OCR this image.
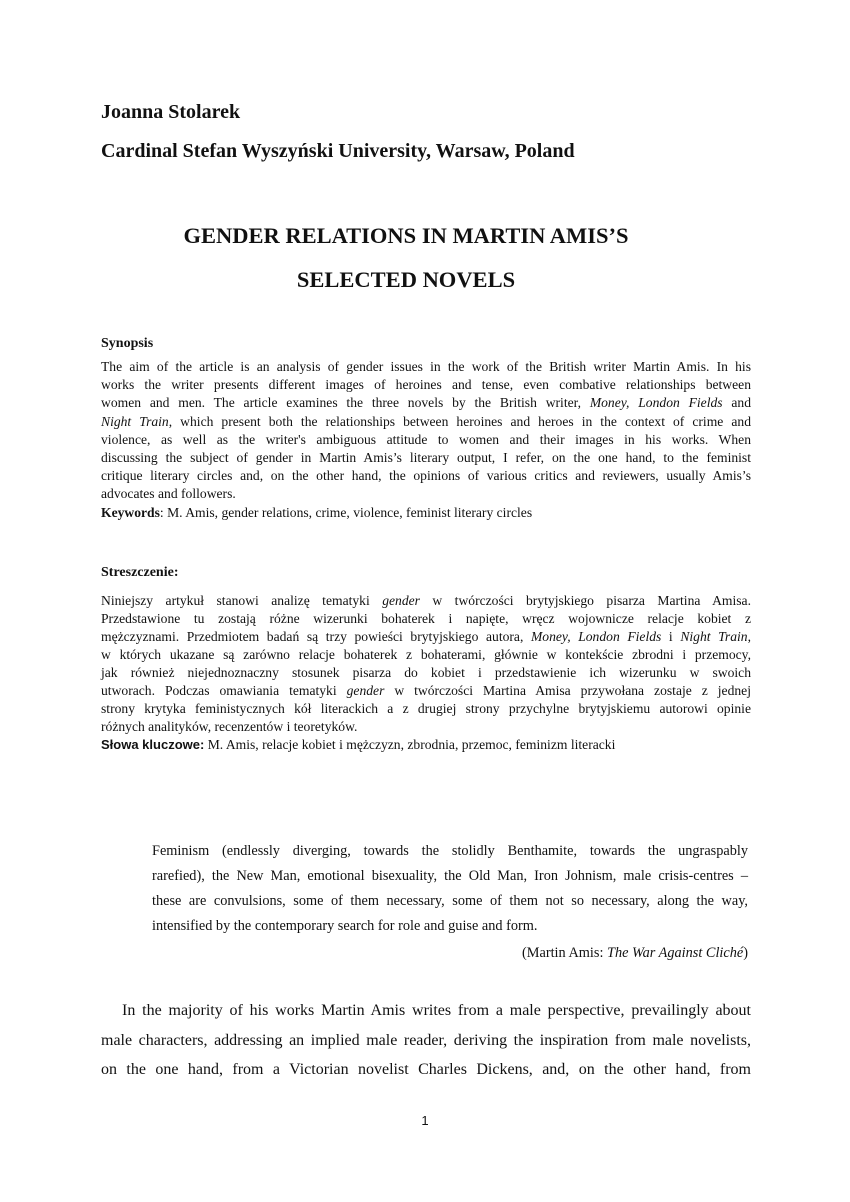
Joanna Stolarek
Cardinal Stefan Wyszyński University, Warsaw, Poland
GENDER RELATIONS IN MARTIN AMIS’S
SELECTED NOVELS
Synopsis
The aim of the article is an analysis of gender issues in the work of the British writer Martin Amis. In his
works the writer presents different images of heroines and tense, even combative relationships between
women and men. The article examines the three novels by the British writer, Money, London Fields and
Night Train, which present both the relationships between heroines and heroes in the context of crime and
violence, as well as the writer's ambiguous attitude to women and their images in his works. When
discussing the subject of gender in Martin Amis’s literary output, I refer, on the one hand, to the feminist
critique literary circles and, on the other hand, the opinions of various critics and reviewers, usually Amis’s
advocates and followers.
Keywords: M. Amis, gender relations, crime, violence, feminist literary circles
Streszczenie:
Niniejszy artykuł stanowi analizę tematyki gender w twórczości brytyjskiego pisarza Martina Amisa.
Przedstawione tu zostają różne wizerunki bohaterek i napięte, wręcz wojownicze relacje kobiet z
mężczyznami. Przedmiotem badań są trzy powieści brytyjskiego autora, Money, London Fields i Night Train,
w których ukazane są zarówno relacje bohaterek z bohaterami, głównie w kontekście zbrodni i przemocy,
jak również niejednoznaczny stosunek pisarza do kobiet i przedstawienie ich wizerunku w swoich
utworach. Podczas omawiania tematyki gender w twórczości Martina Amisa przywołana zostaje z jednej
strony krytyka feministycznych kół literackich a z drugiej strony przychylne brytyjskiemu autorowi opinie
różnych analityków, recenzentów i teoretyków.
Słowa kluczowe: M. Amis, relacje kobiet i mężczyzn, zbrodnia, przemoc, feminizm literacki
Feminism (endlessly diverging, towards the stolidly Benthamite, towards the ungraspably
rarefied), the New Man, emotional bisexuality, the Old Man, Iron Johnism, male crisis-centres –
these are convulsions, some of them necessary, some of them not so necessary, along the way,
intensified by the contemporary search for role and guise and form.
(Martin Amis: The War Against Cliché)
In the majority of his works Martin Amis writes from a male perspective, prevailingly about
male characters, addressing an implied male reader, deriving the inspiration from male novelists,
on the one hand, from a Victorian novelist Charles Dickens, and, on the other hand, from
1
